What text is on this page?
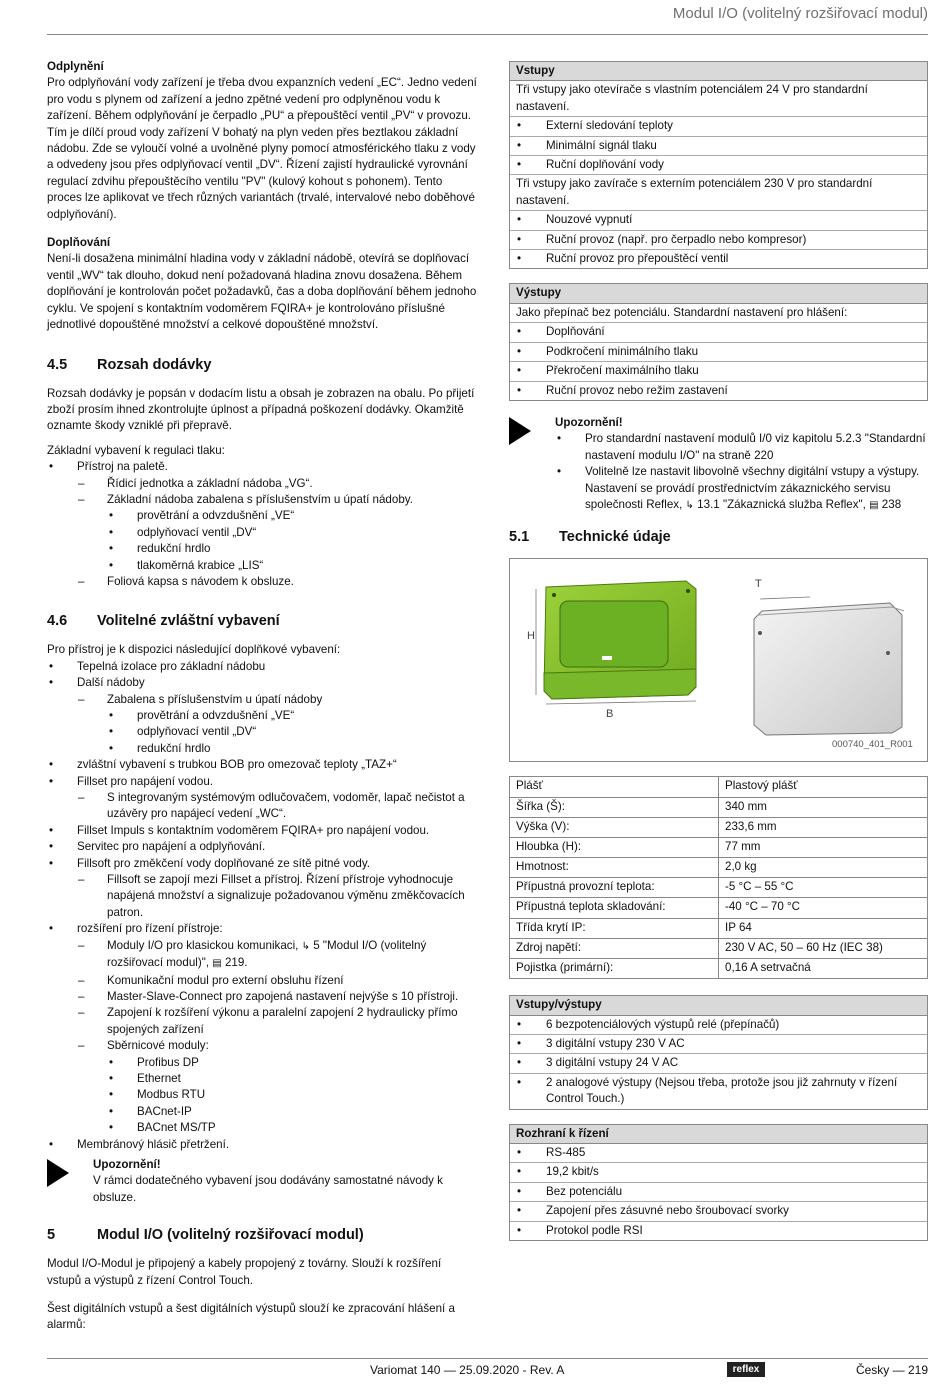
Modul I/O (volitelný rozšiřovací modul)

Odplynění

Pro odplyňování vody zařízení je třeba dvou expanzních vedení „EC“. Jedno vedení pro vodu s plynem od zařízení a jedno zpětné vedení pro odplyněnou vodu k zařízení. Během odplyňování je čerpadlo „PU“ a přepouštěcí ventil „PV“ v provozu. Tím je dílčí proud vody zařízení V bohatý na plyn veden přes beztlakou základní nádobu. Zde se vyloučí volné a uvolněné plyny pomocí atmosférického tlaku z vody a odvedeny jsou přes odplyňovací ventil „DV“. Řízení zajistí hydraulické vyrovnání regulací zdvihu přepouštěcího ventilu "PV" (kulový kohout s pohonem). Tento proces lze aplikovat ve třech různých variantách (trvalé, intervalové nebo doběhové odplyňování).

Doplňování

Není-li dosažena minimální hladina vody v základní nádobě, otevírá se doplňovací ventil „WV“ tak dlouho, dokud není požadovaná hladina znovu dosažena. Během doplňování je kontrolován počet požadavků, čas a doba doplňování během jednoho cyklu. Ve spojení s kontaktním vodoměrem FQIRA+ je kontrolováno příslušné jednotlivé dopouštěné množství a celkové dopouštěné množství.

4.5	Rozsah dodávky

Rozsah dodávky je popsán v dodacím listu a obsah je zobrazen na obalu. Po přijetí zboží prosím ihned zkontrolujte úplnost a případná poškození dodávky. Okamžitě oznamte škody vzniklé při přepravě.

Základní vybavení k regulaci tlaku:

• Přístroj na paletě.
– Řídicí jednotka a základní nádoba „VG“.
– Základní nádoba zabalena s příslušenstvím u úpatí nádoby.
• provětrání a odvzdušnění „VE“
• odplyňovací ventil „DV“
• redukční hrdlo
• tlakoměrná krabice „LIS“
– Foliová kapsa s návodem k obsluze.
4.6	Volitelné zvláštní vybavení

Pro přístroj je k dispozici následující doplňkové vybavení:

• Tepelná izolace pro základní nádobu
• Další nádoby
– Zabalena s příslušenstvím u úpatí nádoby
• provětrání a odvzdušnění „VE“
• odplyňovací ventil „DV“
• redukční hrdlo
• zvláštní vybavení s trubkou BOB pro omezovač teploty „TAZ+“
• Fillset pro napájení vodou.
– S integrovaným systémovým odlučovačem, vodoměr, lapač nečistot a uzávěry pro napájecí vedení „WC“.
• Fillset Impuls s kontaktním vodoměrem FQIRA+ pro napájení vodou.
• Servitec pro napájení a odplyňování.
• Fillsoft pro změkčení vody doplňované ze sítě pitné vody.
– Fillsoft se zapojí mezi Fillset a přístroj. Řízení přístroje vyhodnocuje napájená množství a signalizuje požadovanou výměnu změkčovacích patron.
• rozšíření pro řízení přístroje:
– Moduly I/O pro klasickou komunikaci, ↳ 5 "Modul I/O (volitelný rozšiřovací modul)", ▤ 219.
– Komunikační modul pro externí obsluhu řízení
– Master-Slave-Connect pro zapojená nastavení nejvýše s 10 přístroji.
– Zapojení k rozšíření výkonu a paralelní zapojení 2 hydraulicky přímo spojených zařízení
– Sběrnicové moduly:
• Profibus DP
• Ethernet
• Modbus RTU
• BACnet-IP
• BACnet MS/TP
• Membránový hlásič přetržení.

Upozornění!

V rámci dodatečného vybavení jsou dodávány samostatné návody k obsluze.

5	Modul I/O (volitelný rozšiřovací modul)

Modul I/O-Modul je připojený a kabely propojený z továrny. Slouží k rozšíření vstupů a výstupů z řízení Control Touch.

Šest digitálních vstupů a šest digitálních výstupů slouží ke zpracování hlášení a alarmů:

Vstupy
Tři vstupy jako otevírače s vlastním potenciálem 24 V pro standardní nastavení.
• Externí sledování teploty
• Minimální signál tlaku
• Ruční doplňování vody
Tři vstupy jako zavírače s externím potenciálem 230 V pro standardní nastavení.
• Nouzové vypnutí
• Ruční provoz (např. pro čerpadlo nebo kompresor)
• Ruční provoz pro přepouštěcí ventil
Výstupy
Jako přepínač bez potenciálu. Standardní nastavení pro hlášení:
• Doplňování
• Podkročení minimálního tlaku
• Překročení maximálního tlaku
• Ruční provoz nebo režim zastavení

Upozornění!

• Pro standardní nastavení modulů I/0 viz kapitolu 5.2.3 "Standardní nastavení modulu I/O" na straně 220
• Volitelně lze nastavit libovolně všechny digitální vstupy a výstupy. Nastavení se provádí prostřednictvím zákaznického servisu společnosti Reflex, ↳ 13.1 "Zákaznická služba Reflex", ▤ 238
5.1	Technické údaje
H
B
T
000740_401_R001
Plášť	Plastový plášť
Šířka (Š):	340 mm
Výška (V):	233,6 mm
Hloubka (H):	77 mm
Hmotnost:	2,0 kg
Přípustná provozní teplota:	-5 °C – 55 °C
Přípustná teplota skladování:	-40 °C – 70 °C
Třída krytí IP:	IP 64
Zdroj napětí:	230 V AC, 50 – 60 Hz (IEC 38)
Pojistka (primární):	0,16 A setrvačná
Vstupy/výstupy
• 6 bezpotenciálových výstupů relé (přepínačů)
• 3 digitální vstupy 230 V AC
• 3 digitální vstupy 24 V AC
• 2 analogové výstupy (Nejsou třeba, protože jsou již zahrnuty v řízení Control Touch.)
Rozhraní k řízení
• RS-485
• 19,2 kbit/s
• Bez potenciálu
• Zapojení přes zásuvné nebo šroubovací svorky
• Protokol podle RSI
Variomat 140 — 25.09.2020 - Rev. A	reflex	Česky — 219
